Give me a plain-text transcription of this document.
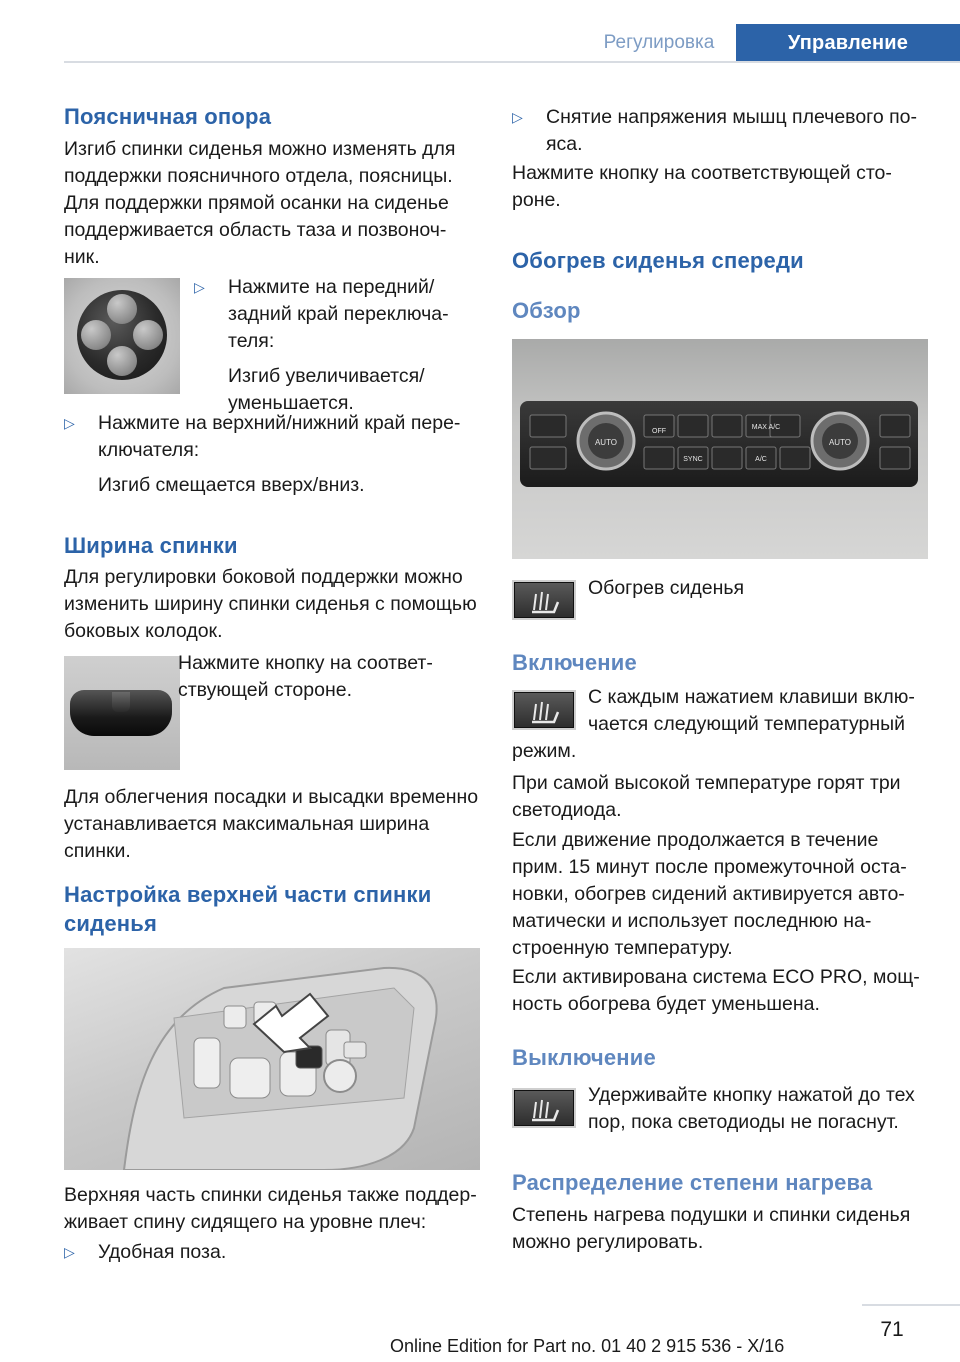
Регулировка	Управление
Поясничная опора
Изгиб спинки сиденья можно изменять для
поддержки поясничного отдела, поясницы.
Для поддержки прямой осанки на сиденье
поддерживается область таза и позвоноч-
ник.
▷ Нажмите на передний/
задний край переключа-
теля:
Изгиб увеличивается/
уменьшается.
▷ Нажмите на верхний/нижний край пере-
ключателя:
Изгиб смещается вверх/вниз.
Ширина спинки
Для регулировки боковой поддержки можно
изменить ширину спинки сиденья с помощью
боковых колодок.
Нажмите кнопку на соответ-
ствующей стороне.
Для облегчения посадки и высадки временно
устанавливается максимальная ширина
спинки.
Настройка верхней части спинки
сиденья
Верхняя часть спинки сиденья также поддер-
живает спину сидящего на уровне плеч:
▷ Удобная поза.
▷ Снятие напряжения мышц плечевого по-
яса.
Нажмите кнопку на соответствующей сто-
роне.
Обогрев сиденья спереди
Обзор
AUTO	AUTO
OFF
MAX A/C
SYNC	A/C
Обогрев сиденья
Включение
С каждым нажатием клавиши вклю-
чается следующий температурный
режим.
При самой высокой температуре горят три
светодиода.
Если движение продолжается в течение
прим. 15 минут после промежуточной оста-
новки, обогрев сидений активируется авто-
матически и использует последнюю на-
строенную температуру.
Если активирована система ECO PRO, мощ-
ность обогрева будет уменьшена.
Выключение
Удерживайте кнопку нажатой до тех
пор, пока светодиоды не погаснут.
Распределение степени нагрева
Степень нагрева подушки и спинки сиденья
можно регулировать.
71
Online Edition for Part no. 01 40 2 915 536 - X/16
